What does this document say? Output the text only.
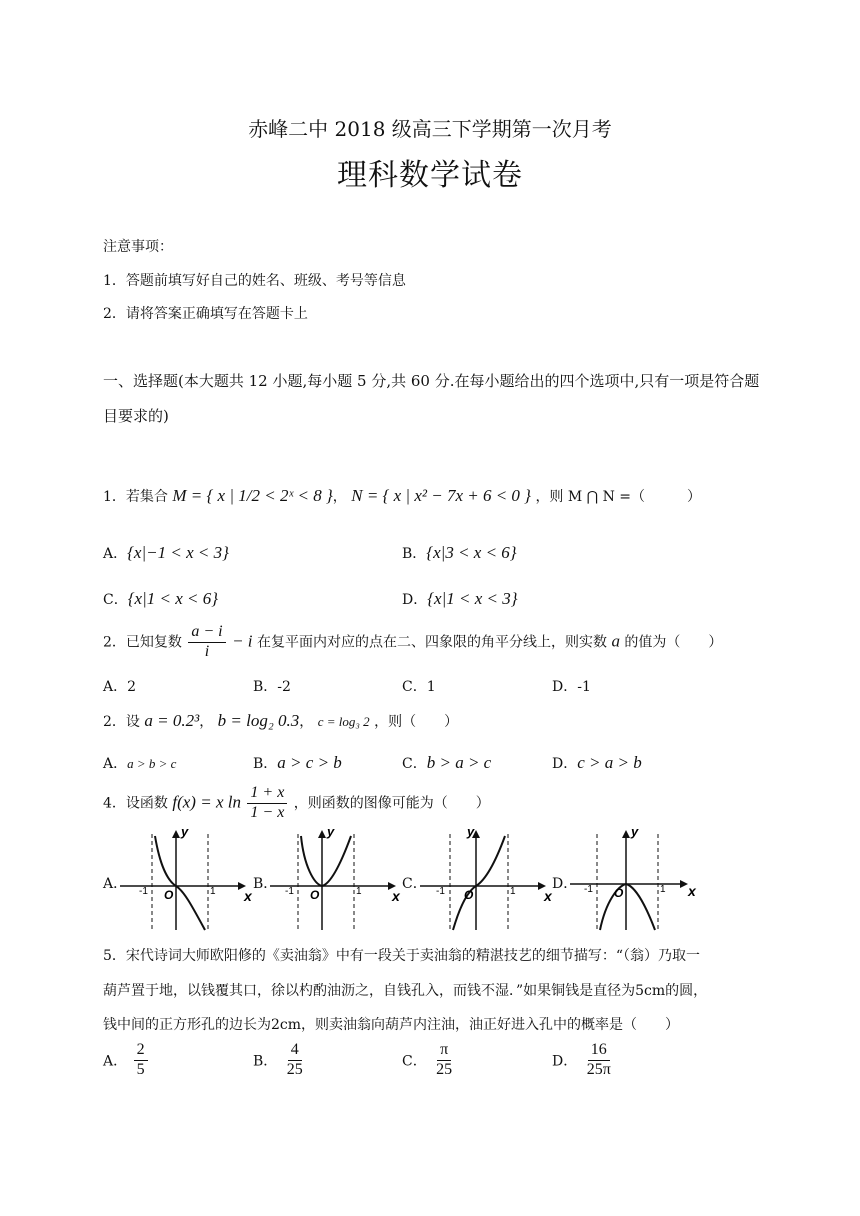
赤峰二中 2018 级高三下学期第一次月考
理科数学试卷
注意事项：
1．答题前填写好自己的姓名、班级、考号等信息
2．请将答案正确填写在答题卡上
一、选择题(本大题共 12 小题,每小题 5 分,共 60 分.在每小题给出的四个选项中,只有一项是符合题
目要求的)
1．若集合 M = { x | 1/2 < 2ˣ < 8 }， N = { x | x² − 7x + 6 < 0 } ，则 M ⋂ N =（　　　）
A．{x|−1 < x < 3}	B．{x|3 < x < 6}
C．{x|1 < x < 6}	D．{x|1 < x < 3}
2．已知复数 $\frac{a - i}{i} - i$ 在复平面内对应的点在二、四象限的角平分线上，则实数 a 的值为（　　）
A．2	B．-2	C．1	D．-1
2．设 a = 0.2³， b = log₂ 0.3， c = log₃ 2 ，则（　　）
A．a > b > c	B．a > c > b	C．b > a > c	D．c > a > b
4．设函数 f(x) = x $\ln \frac{1 + x}{1 - x}$ ，则函数的图像可能为（　　）
A．	B．	C．	D．
y
x
O
-1	1
y
x
O
-1	1
y
x
O
-1	1
y
x
O
-1	1
5．宋代诗词大师欧阳修的《卖油翁》中有一段关于卖油翁的精湛技艺的细节描写：“（翁）乃取一
葫芦置于地，以钱覆其口，徐以杓酌油沥之，自钱孔入，而钱不湿．”如果铜钱是直径为5cm的圆，
钱中间的正方形孔的边长为2cm，则卖油翁向葫芦内注油，油正好进入孔中的概率是（　　）
A． $\frac{2}{5}$	B． $\frac{4}{25}$	C． $\frac{\pi}{25}$	D． $\frac{16}{25\pi}$
